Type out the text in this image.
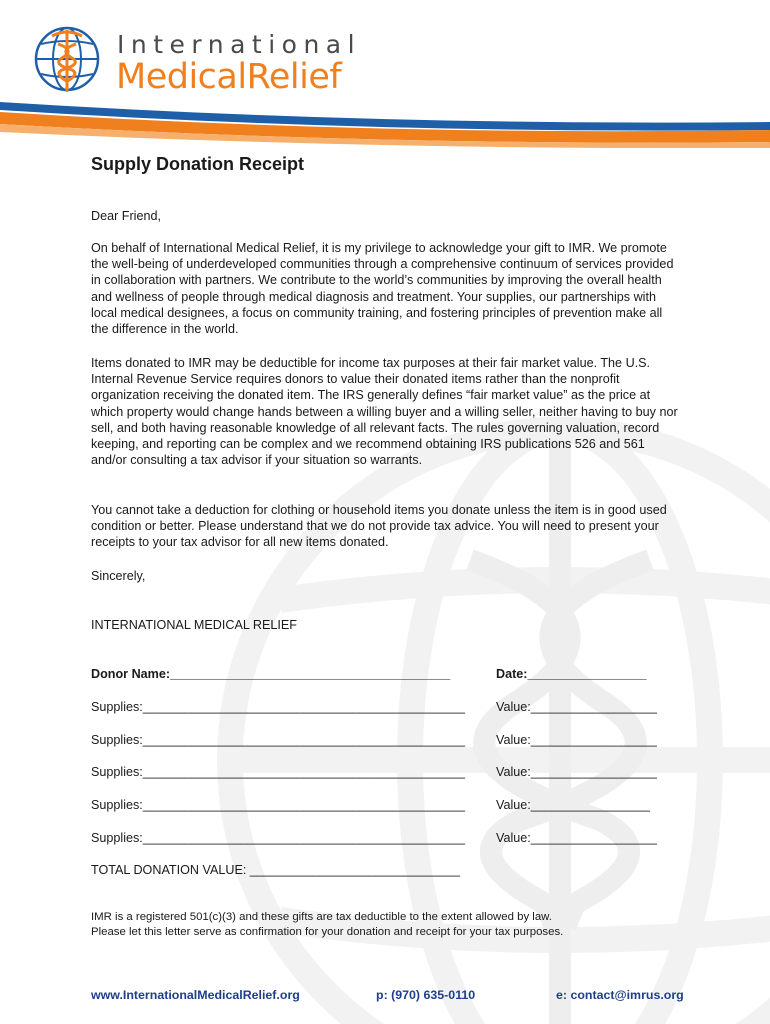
International
MedicalRelief
Supply Donation Receipt

Dear Friend,

On behalf of International Medical Relief, it is my privilege to acknowledge your gift to IMR. We promote the well-being of underdeveloped communities through a comprehensive continuum of services provided in collaboration with partners. We contribute to the world’s communities by improving the overall health and wellness of people through medical diagnosis and treatment. Your supplies, our partnerships with local medical designees, a focus on community training, and fostering principles of prevention make all the difference in the world.

Items donated to IMR may be deductible for income tax purposes at their fair market value. The U.S. Internal Revenue Service requires donors to value their donated items rather than the nonprofit organization receiving the donated item. The IRS generally defines “fair market value” as the price at which property would change hands between a willing buyer and a willing seller, neither having to buy nor sell, and both having reasonable knowledge of all relevant facts. The rules governing valuation, record keeping, and reporting can be complex and we recommend obtaining IRS publications 526 and 561 and/or consulting a tax advisor if your situation so warrants.

You cannot take a deduction for clothing or household items you donate unless the item is in good used condition or better. Please understand that we do not provide tax advice. You will need to present your receipts to your tax advisor for all new items donated.

Sincerely,

INTERNATIONAL MEDICAL RELIEF

Donor Name:________________________________________	Date:_________________
Supplies:______________________________________________ Value:__________________
Supplies:______________________________________________ Value:__________________
Supplies:______________________________________________ Value:__________________
Supplies:______________________________________________ Value:_________________
Supplies:______________________________________________ Value:__________________
TOTAL DONATION VALUE: ______________________________
IMR is a registered 501(c)(3) and these gifts are tax deductible to the extent allowed by law.
Please let this letter serve as confirmation for your donation and receipt for your tax purposes.
www.InternationalMedicalRelief.org	p: (970) 635-0110	e: contact@imrus.org
